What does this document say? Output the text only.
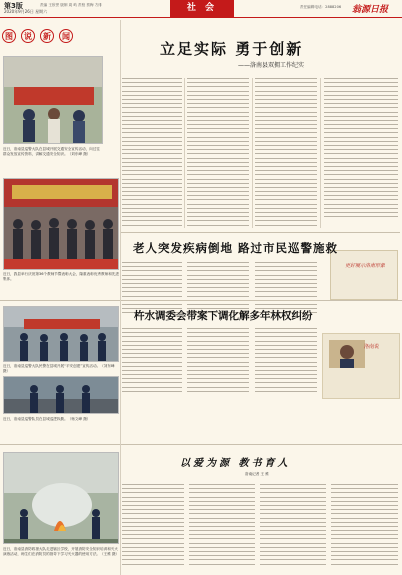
第3版
2020年9月26日 星期六
责编 王欣誉 版制 周 屿 责校 蔡梅 方绯	社 会	责任编辑电话：2888206 翁源日报
图 说 新 闻
近日，洛南县巡警大队在县城开展交通安全宣传活动，向过往群众发放宣传资料，讲解交通安全知识。（刘东峰 摄）
近日，我县举行庆祝第36个教师节暨表彰大会，隆重表彰优秀教师和先进集体。
立足实际 勇于创新
——洛南县双拥工作纪实
更好展示洛南形象
老人突发疾病倒地 路过市民巡警施救
近日，洛南县巡警大队民警在县城开展“平安创建”宣传活动。（刘东峰 摄）
杵水调委会带案下调化解多年林权纠纷
洛南说
近日，洛南县巡警队员在县城巡逻执勤。（杨文峰 摄）
近日，洛南县消防救援大队走进辖区学校，开展消防安全知识培训和灭火演练活动，师生们在消防员的指导下学习灭火器的使用方法。（王维 摄）
以爱为源 教书育人
洛南记者 王 维
